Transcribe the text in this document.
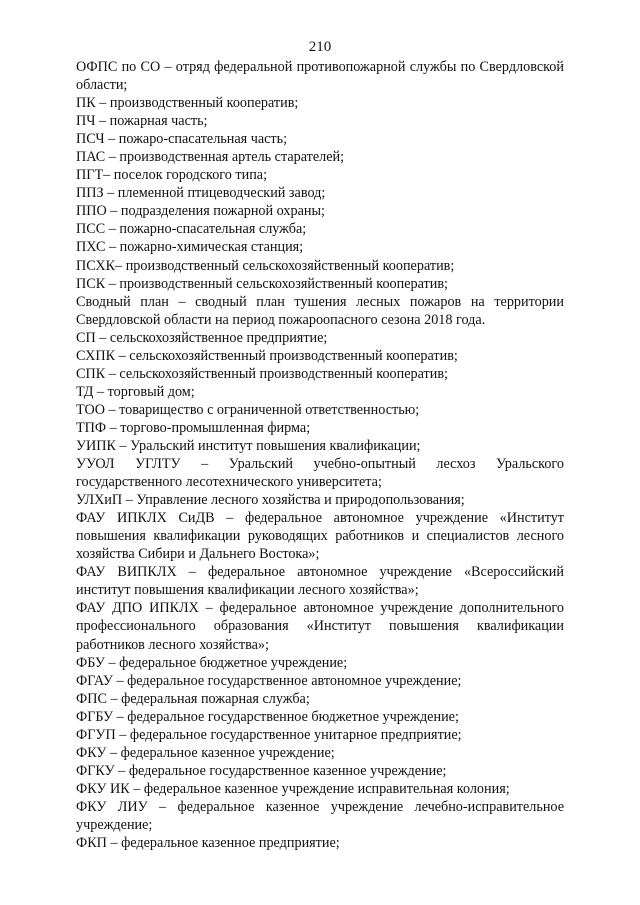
210

ОФПС по СО – отряд федеральной противопожарной службы по Свердловской области;

ПК – производственный кооператив;

ПЧ – пожарная часть;

ПСЧ – пожаро-спасательная часть;

ПАС – производственная артель старателей;

ПГТ– поселок городского типа;

ППЗ – племенной птицеводческий завод;

ППО – подразделения пожарной охраны;

ПСС – пожарно-спасательная служба;

ПХС – пожарно-химическая станция;

ПСХК– производственный сельскохозяйственный кооператив;

ПСК – производственный сельскохозяйственный кооператив;

Сводный план – сводный план тушения лесных пожаров на территории Свердловской области на период пожароопасного сезона 2018 года.

СП – сельскохозяйственное предприятие;

СХПК – сельскохозяйственный производственный кооператив;

СПК – сельскохозяйственный производственный кооператив;

ТД – торговый дом;

ТОО – товарищество с ограниченной ответственностью;

ТПФ – торгово-промышленная фирма;

УИПК – Уральский институт повышения квалификации;

УУОЛ УГЛТУ – Уральский учебно-опытный лесхоз Уральского государственного лесотехнического университета;

УЛХиП – Управление лесного хозяйства и природопользования;

ФАУ ИПКЛХ СиДВ – федеральное автономное учреждение «Институт повышения квалификации руководящих работников и специалистов лесного хозяйства Сибири и Дальнего Востока»;

ФАУ ВИПКЛХ – федеральное автономное учреждение «Всероссийский институт повышения квалификации лесного хозяйства»;

ФАУ ДПО ИПКЛХ – федеральное автономное учреждение дополнительного профессионального образования «Институт повышения квалификации работников лесного хозяйства»;

ФБУ – федеральное бюджетное учреждение;

ФГАУ – федеральное государственное автономное учреждение;

ФПС – федеральная пожарная служба;

ФГБУ – федеральное государственное бюджетное учреждение;

ФГУП – федеральное государственное унитарное предприятие;

ФКУ – федеральное казенное учреждение;

ФГКУ – федеральное государственное казенное учреждение;

ФКУ ИК – федеральное казенное учреждение исправительная колония;

ФКУ ЛИУ – федеральное казенное учреждение лечебно-исправительное учреждение;

ФКП – федеральное казенное предприятие;
